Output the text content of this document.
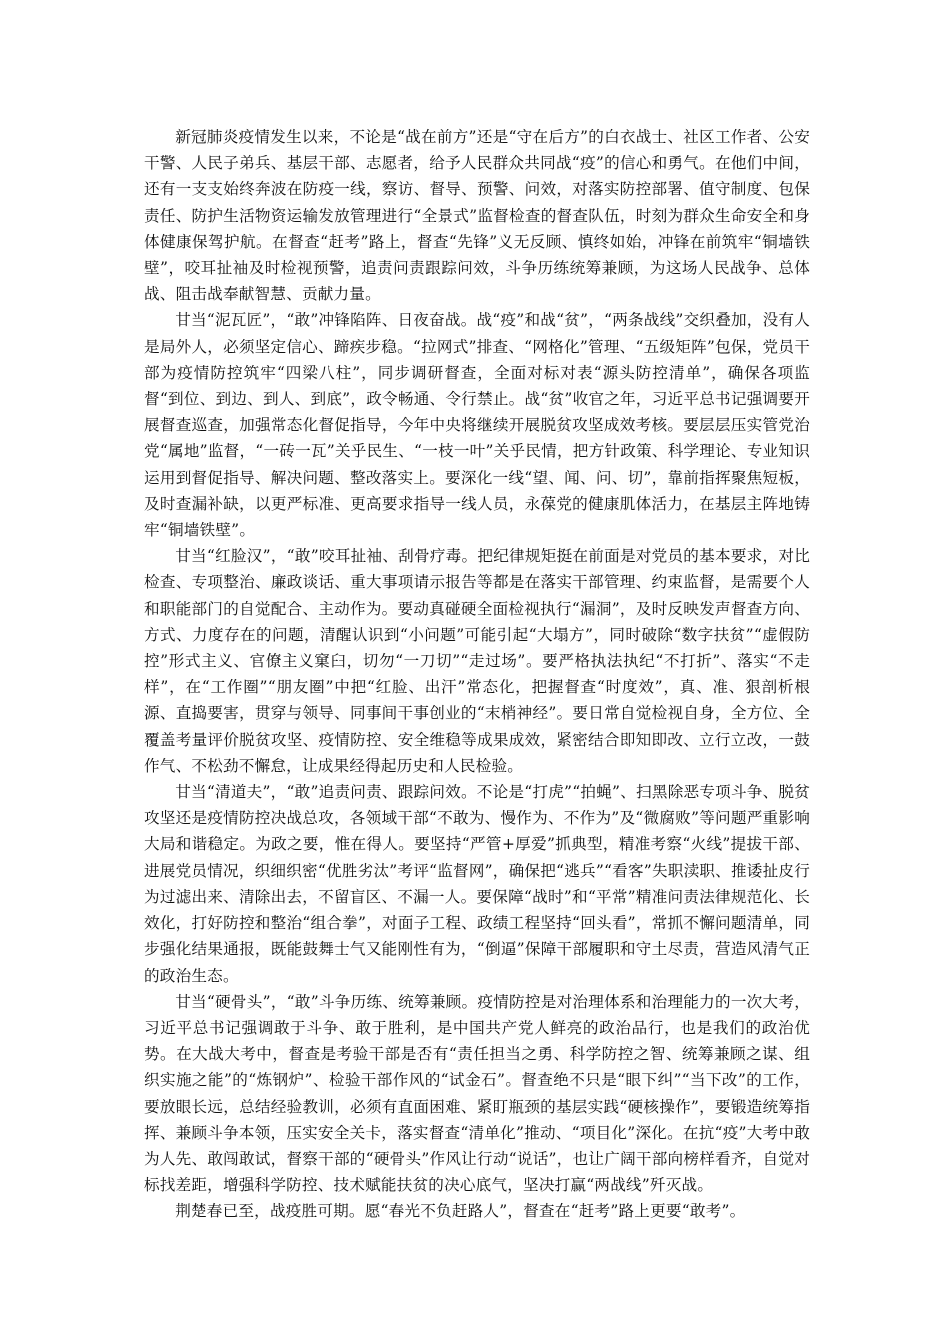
新冠肺炎疫情发生以来，不论是“战在前方”还是“守在后方”的白衣战士、社区工作者、公安干警、人民子弟兵、基层干部、志愿者，给予人民群众共同战“疫”的信心和勇气。在他们中间，还有一支支始终奔波在防疫一线，察访、督导、预警、问效，对落实防控部署、值守制度、包保责任、防护生活物资运输发放管理进行“全景式”监督检查的督查队伍，时刻为群众生命安全和身体健康保驾护航。在督查“赶考”路上，督查“先锋”义无反顾、慎终如始，冲锋在前筑牢“铜墙铁壁”，咬耳扯袖及时检视预警，追责问责跟踪问效，斗争历练统筹兼顾，为这场人民战争、总体战、阻击战奉献智慧、贡献力量。

甘当“泥瓦匠”，“敢”冲锋陷阵、日夜奋战。战“疫”和战“贫”，“两条战线”交织叠加，没有人是局外人，必须坚定信心、蹄疾步稳。“拉网式”排查、“网格化”管理、“五级矩阵”包保，党员干部为疫情防控筑牢“四梁八柱”，同步调研督查，全面对标对表“源头防控清单”，确保各项监督“到位、到边、到人、到底”，政令畅通、令行禁止。战“贫”收官之年，习近平总书记强调要开展督查巡查，加强常态化督促指导，今年中央将继续开展脱贫攻坚成效考核。要层层压实管党治党“属地”监督，“一砖一瓦”关乎民生、“一枝一叶”关乎民情，把方针政策、科学理论、专业知识运用到督促指导、解决问题、整改落实上。要深化一线“望、闻、问、切”，靠前指挥聚焦短板，及时查漏补缺，以更严标准、更高要求指导一线人员，永葆党的健康肌体活力，在基层主阵地铸牢“铜墙铁壁”。

甘当“红脸汉”，“敢”咬耳扯袖、刮骨疗毒。把纪律规矩挺在前面是对党员的基本要求，对比检查、专项整治、廉政谈话、重大事项请示报告等都是在落实干部管理、约束监督，是需要个人和职能部门的自觉配合、主动作为。要动真碰硬全面检视执行“漏洞”，及时反映发声督查方向、方式、力度存在的问题，清醒认识到“小问题”可能引起“大塌方”，同时破除“数字扶贫”“虚假防控”形式主义、官僚主义窠臼，切勿“一刀切”“走过场”。要严格执法执纪“不打折”、落实“不走样”，在“工作圈”“朋友圈”中把“红脸、出汗”常态化，把握督查“时度效”，真、准、狠剖析根源、直捣要害，贯穿与领导、同事间干事创业的“末梢神经”。要日常自觉检视自身，全方位、全覆盖考量评价脱贫攻坚、疫情防控、安全维稳等成果成效，紧密结合即知即改、立行立改，一鼓作气、不松劲不懈怠，让成果经得起历史和人民检验。

甘当“清道夫”，“敢”追责问责、跟踪问效。不论是“打虎”“拍蝇”、扫黑除恶专项斗争、脱贫攻坚还是疫情防控决战总攻，各领域干部“不敢为、慢作为、不作为”及“微腐败”等问题严重影响大局和谐稳定。为政之要，惟在得人。要坚持“严管+厚爱”抓典型，精准考察“火线”提拔干部、进展党员情况，织细织密“优胜劣汰”考评“监督网”，确保把“逃兵”“看客”失职渎职、推诿扯皮行为过滤出来、清除出去，不留盲区、不漏一人。要保障“战时”和“平常”精准问责法律规范化、长效化，打好防控和整治“组合拳”，对面子工程、政绩工程坚持“回头看”，常抓不懈问题清单，同步强化结果通报，既能鼓舞士气又能刚性有为，“倒逼”保障干部履职和守土尽责，营造风清气正的政治生态。

甘当“硬骨头”，“敢”斗争历练、统筹兼顾。疫情防控是对治理体系和治理能力的一次大考，习近平总书记强调敢于斗争、敢于胜利，是中国共产党人鲜亮的政治品行，也是我们的政治优势。在大战大考中，督查是考验干部是否有“责任担当之勇、科学防控之智、统筹兼顾之谋、组织实施之能”的“炼钢炉”、检验干部作风的“试金石”。督查绝不只是“眼下纠”“当下改”的工作，要放眼长远，总结经验教训，必须有直面困难、紧盯瓶颈的基层实践“硬核操作”，要锻造统筹指挥、兼顾斗争本领，压实安全关卡，落实督查“清单化”推动、“项目化”深化。在抗“疫”大考中敢为人先、敢闯敢试，督察干部的“硬骨头”作风让行动“说话”，也让广阔干部向榜样看齐，自觉对标找差距，增强科学防控、技术赋能扶贫的决心底气，坚决打赢“两战线”歼灭战。

荆楚春已至，战疫胜可期。愿“春光不负赶路人”，督查在“赶考”路上更要“敢考”。
